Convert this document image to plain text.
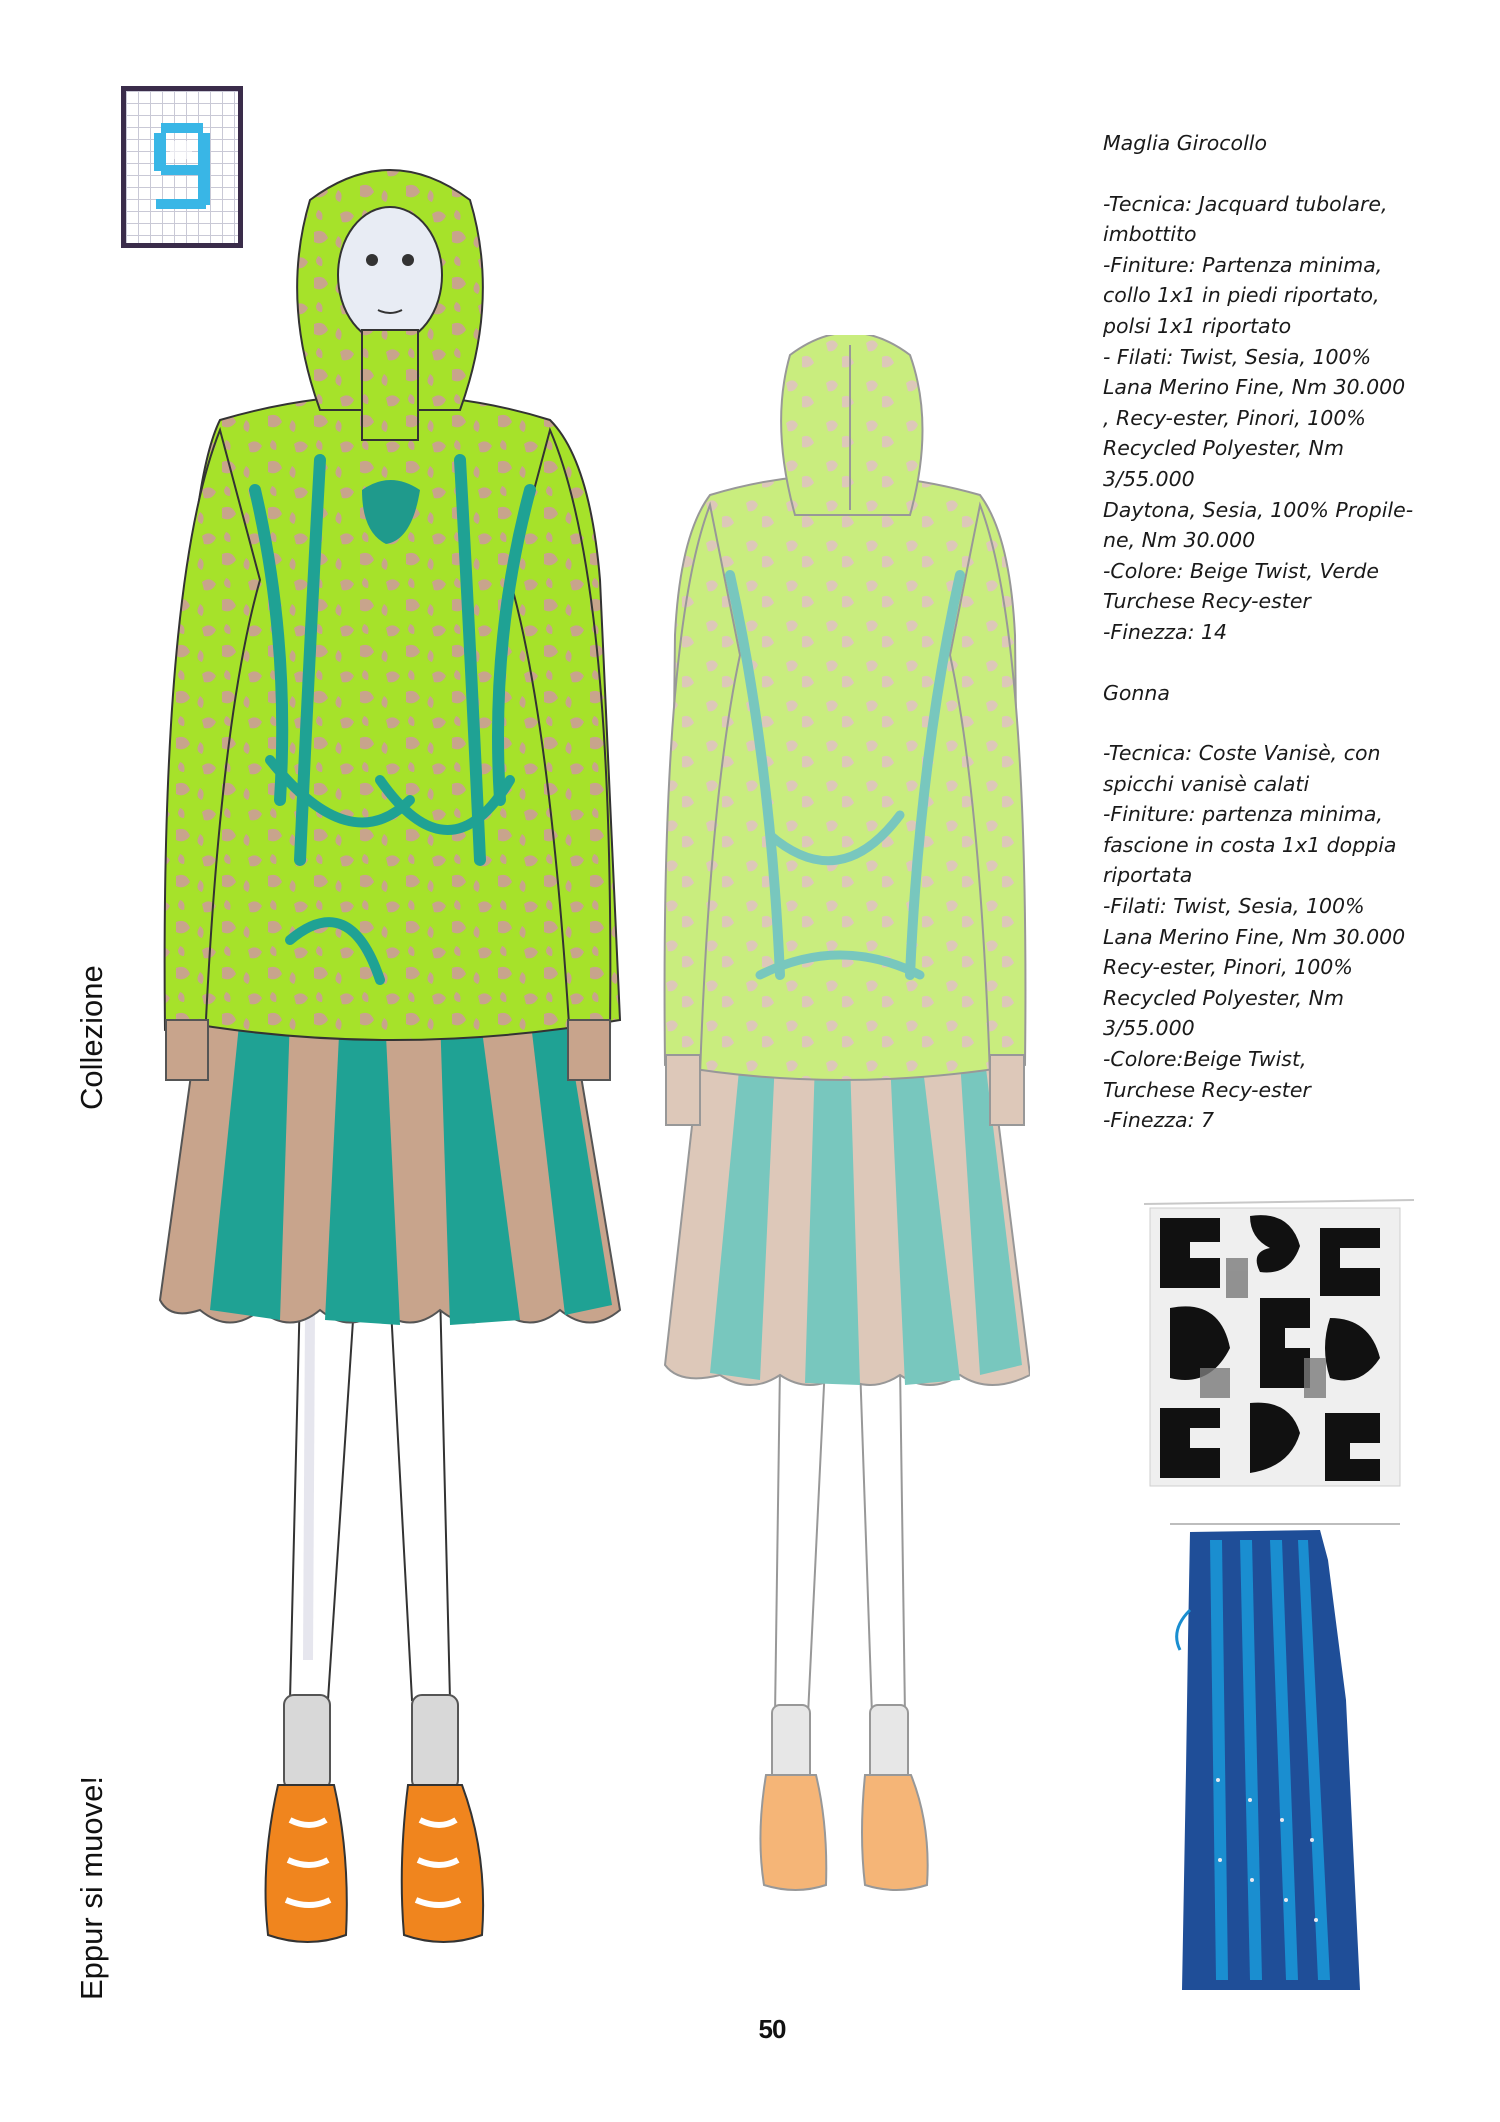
9
Collezione
Eppur si muove!
Maglia Girocollo
-Tecnica: Jacquard tubolare,
imbottito
-Finiture: Partenza minima,
collo 1x1 in piedi riportato,
polsi 1x1 riportato
- Filati: Twist, Sesia, 100%
Lana Merino Fine, Nm 30.000
, Recy-ester, Pinori, 100%
Recycled Polyester, Nm
3/55.000
Daytona, Sesia, 100% Propile-
ne, Nm 30.000
-Colore: Beige Twist, Verde
Turchese Recy-ester
-Finezza: 14
Gonna
-Tecnica: Coste Vanisè, con
spicchi vanisè calati
-Finiture: partenza minima,
fascione in costa 1x1 doppia
riportata
-Filati: Twist, Sesia, 100%
Lana Merino Fine, Nm 30.000
Recy-ester, Pinori, 100%
Recycled Polyester, Nm
3/55.000
-Colore:Beige Twist,
Turchese Recy-ester
-Finezza: 7
50
